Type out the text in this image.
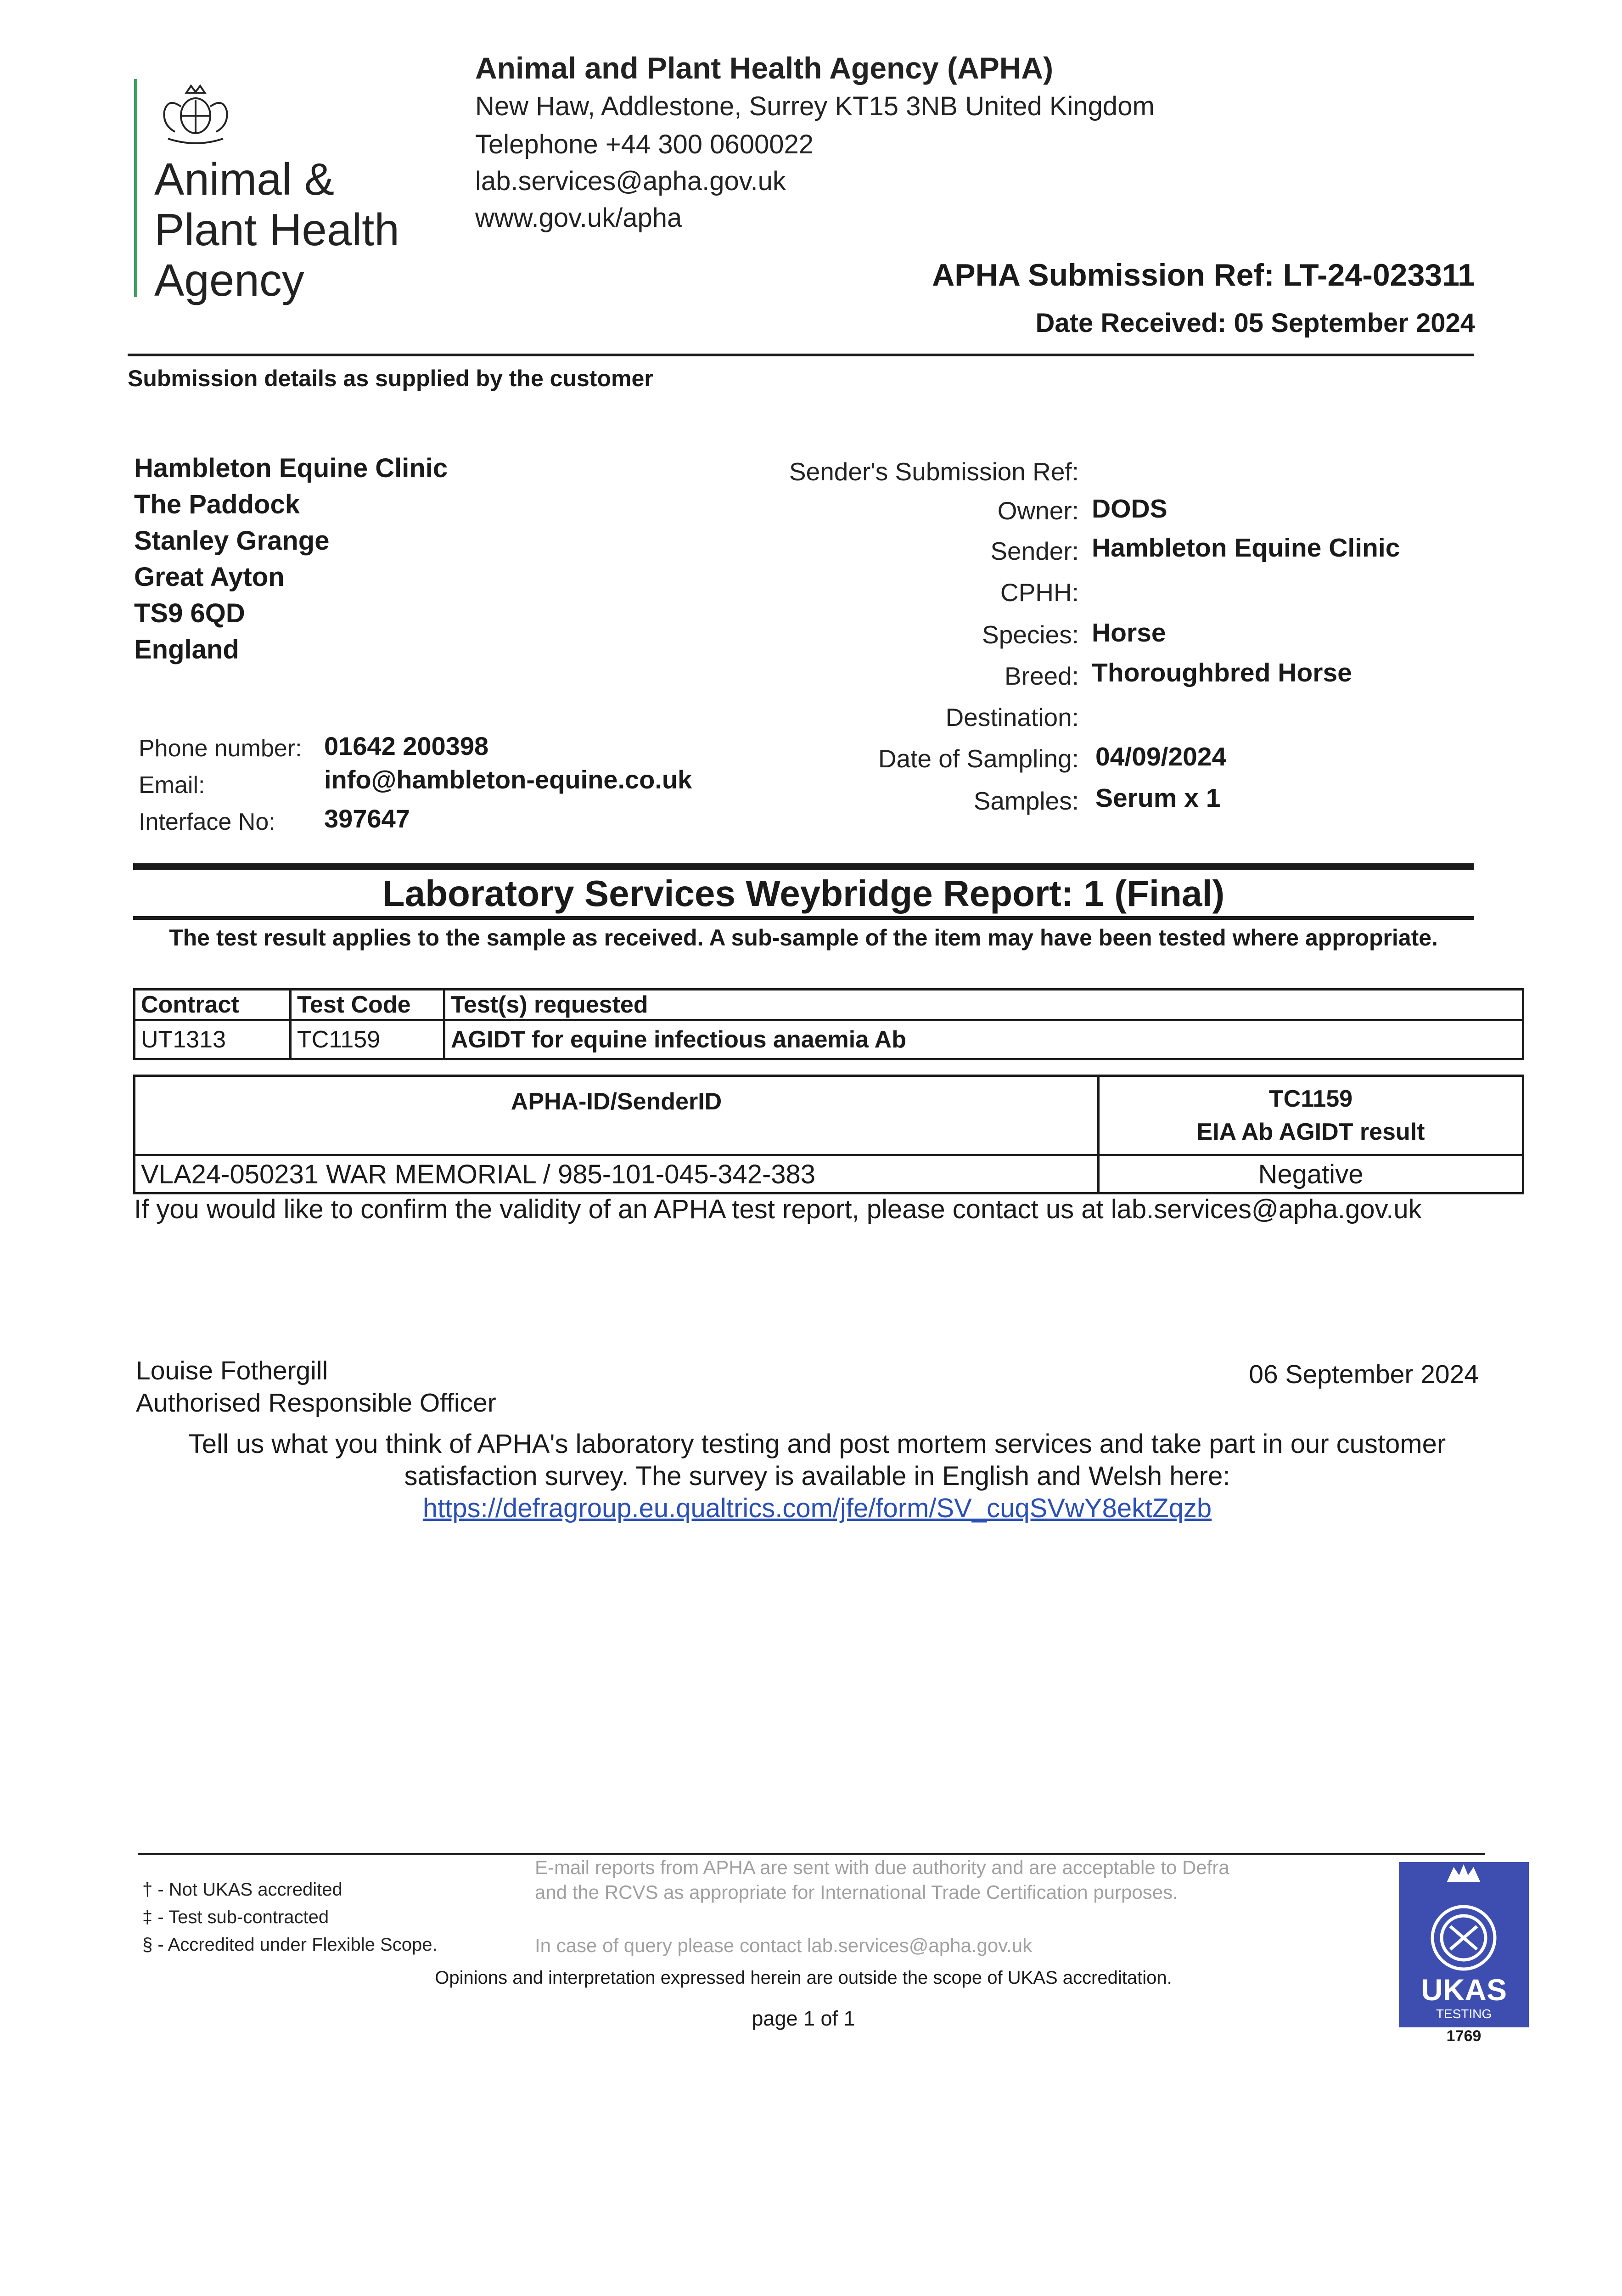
Animal &
Plant Health
Agency
Animal and Plant Health Agency (APHA)
New Haw, Addlestone, Surrey KT15 3NB United Kingdom
Telephone +44 300 0600022
lab.services@apha.gov.uk
www.gov.uk/apha
APHA Submission Ref: LT-24-023311
Date Received: 05 September 2024
Submission details as supplied by the customer
Hambleton Equine Clinic
The Paddock
Stanley Grange
Great Ayton
TS9 6QD
England
Phone number: 01642 200398
Email:	info@hambleton-equine.co.uk
Interface No: 397647
Sender's Submission Ref:
Owner: DODS
Sender: Hambleton Equine Clinic
CPHH:
Species: Horse
Breed: Thoroughbred Horse
Destination:
Date of Sampling: 04/09/2024
Samples: Serum x 1
Laboratory Services Weybridge Report: 1 (Final)
The test result applies to the sample as received. A sub-sample of the item may have been tested where appropriate.
Contract	Test Code	Test(s) requested
UT1313	TC1159	AGIDT for equine infectious anaemia Ab
APHA-ID/SenderID	TC1159
EIA Ab AGIDT result

VLA24-050231 WAR MEMORIAL / 985-101-045-342-383	Negative
If you would like to confirm the validity of an APHA test report, please contact us at lab.services@apha.gov.uk
Louise Fothergill
Authorised Responsible Officer
06 September 2024
Tell us what you think of APHA's laboratory testing and post mortem services and take part in our customer satisfaction survey. The survey is available in English and Welsh here:
https://defragroup.eu.qualtrics.com/jfe/form/SV_cuqSVwY8ektZqzb
† - Not UKAS accredited
‡ - Test sub-contracted
§ - Accredited under Flexible Scope.
E-mail reports from APHA are sent with due authority and are acceptable to Defra and the RCVS as appropriate for International Trade Certification purposes.
In case of query please contact lab.services@apha.gov.uk
Opinions and interpretation expressed herein are outside the scope of UKAS accreditation.
page 1 of 1
UKAS
TESTING
1769
